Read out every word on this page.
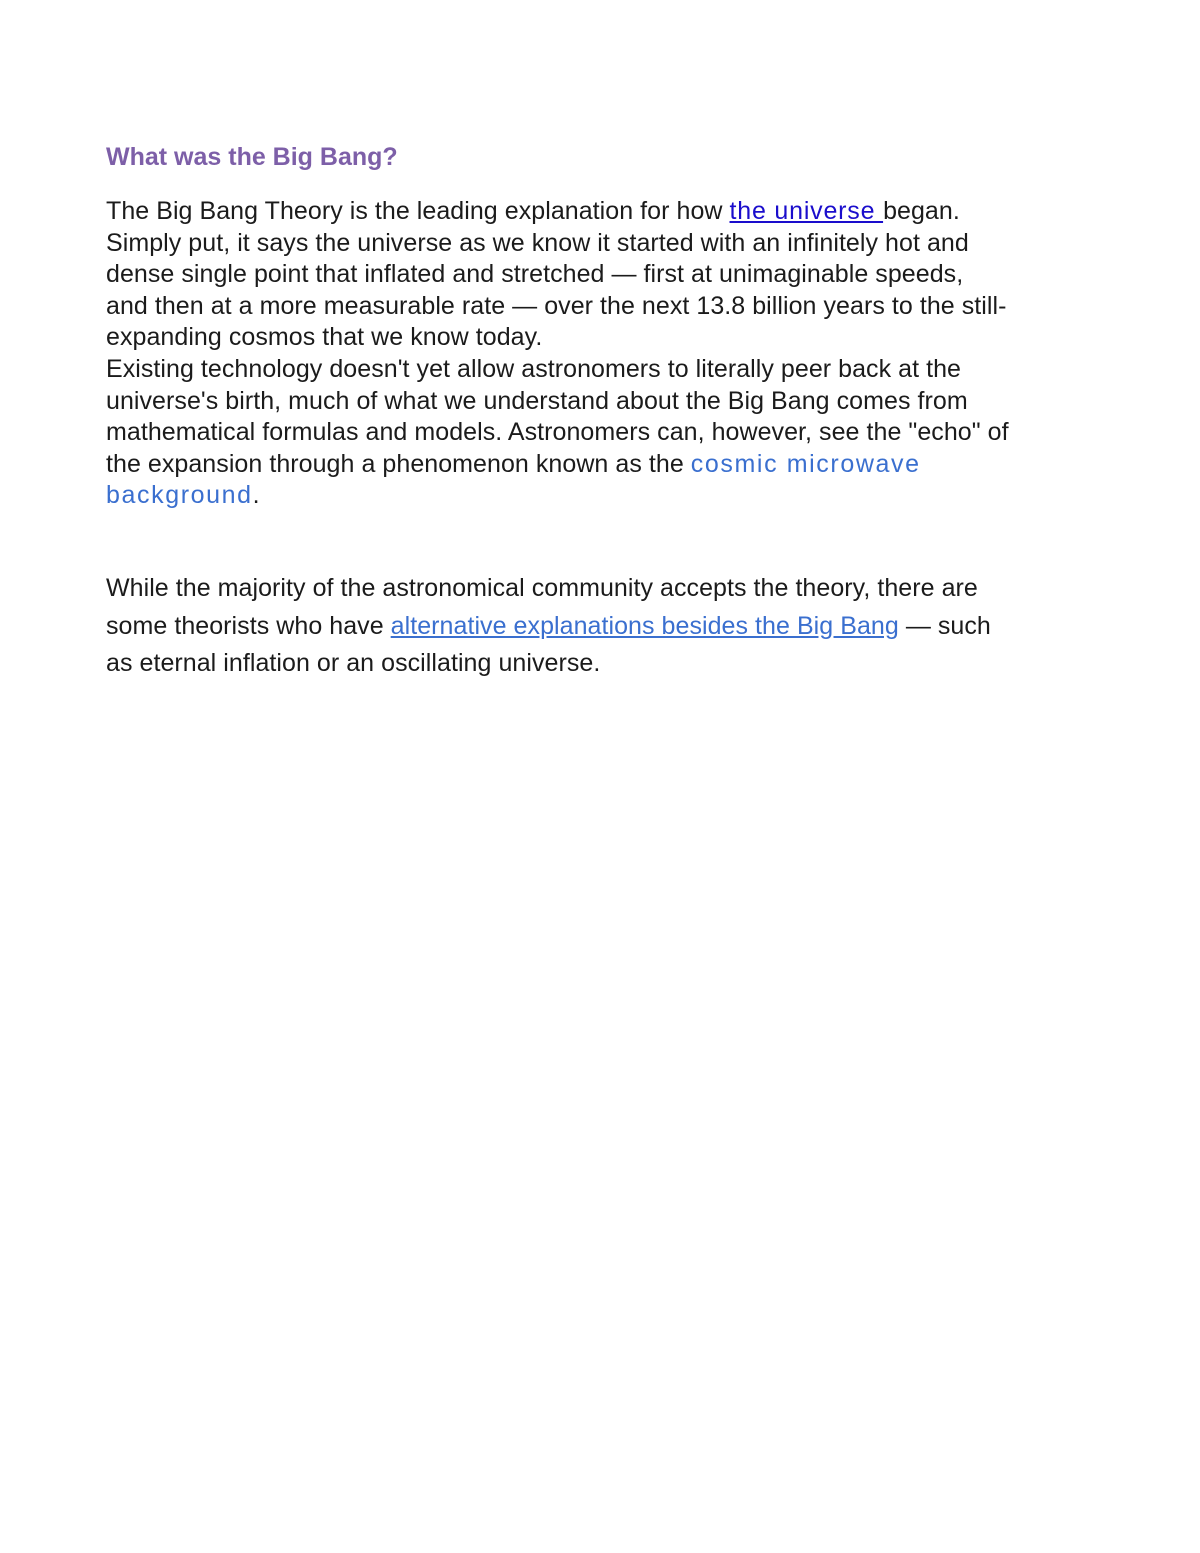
What was the Big Bang?

The Big Bang Theory is the leading explanation for how the universe began.
Simply put, it says the universe as we know it started with an infinitely hot and
dense single point that inflated and stretched — first at unimaginable speeds,
and then at a more measurable rate — over the next 13.8 billion years to the still-
expanding cosmos that we know today.
Existing technology doesn't yet allow astronomers to literally peer back at the
universe's birth, much of what we understand about the Big Bang comes from
mathematical formulas and models. Astronomers can, however, see the "echo" of
the expansion through a phenomenon known as the cosmic microwave
background.

While the majority of the astronomical community accepts the theory, there are
some theorists who have alternative explanations besides the Big Bang — such
as eternal inflation or an oscillating universe.
